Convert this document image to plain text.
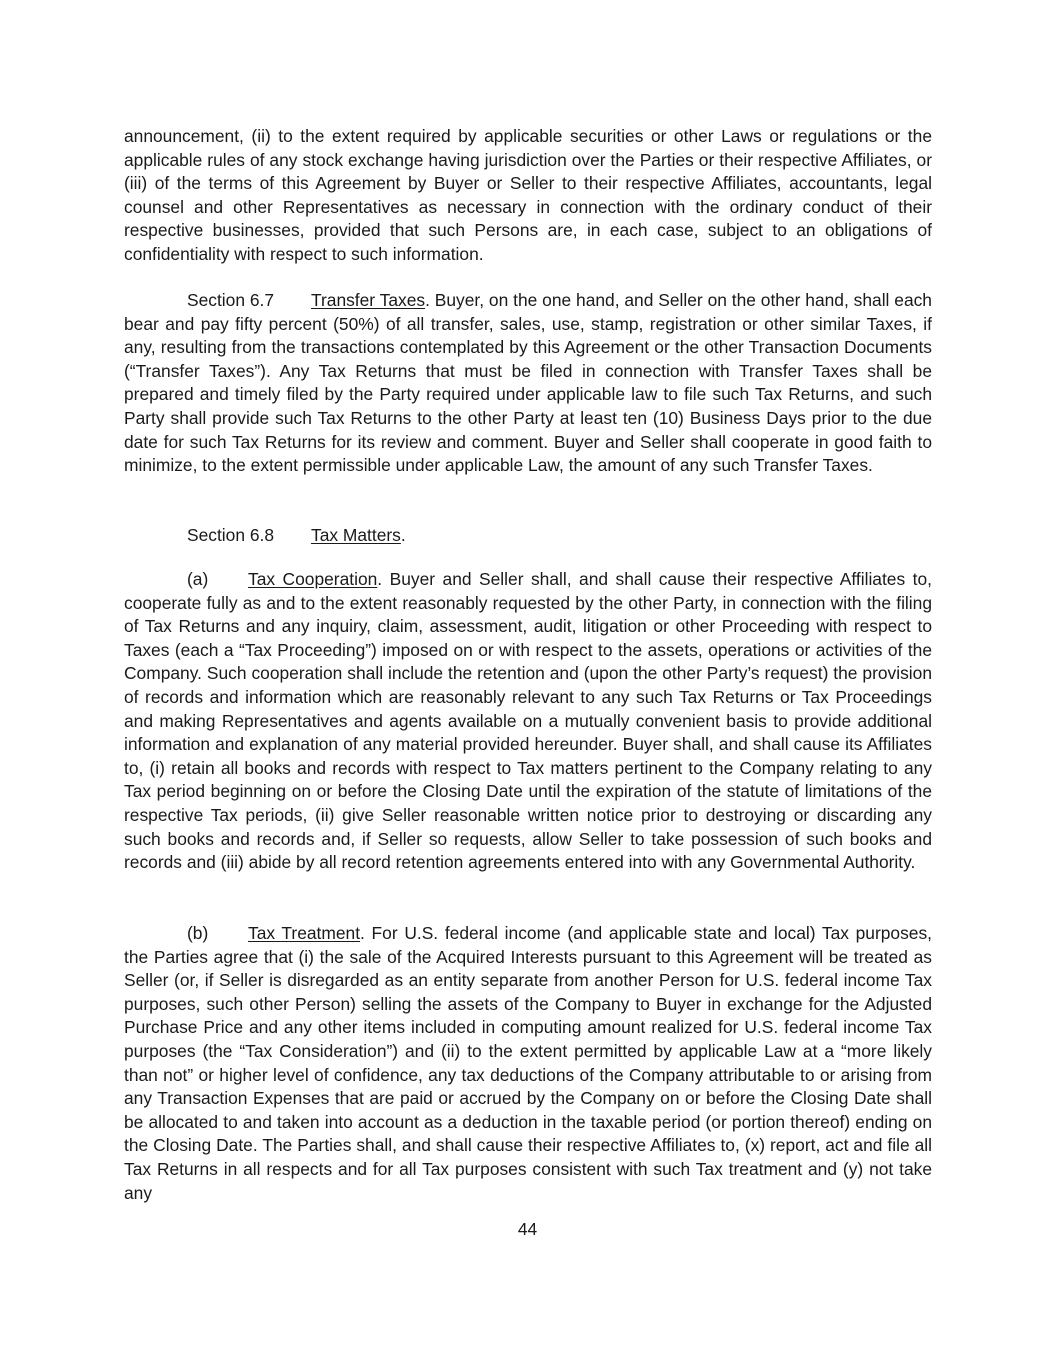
announcement, (ii) to the extent required by applicable securities or other Laws or regulations or the applicable rules of any stock exchange having jurisdiction over the Parties or their respective Affiliates, or (iii) of the terms of this Agreement by Buyer or Seller to their respective Affiliates, accountants, legal counsel and other Representatives as necessary in connection with the ordinary conduct of their respective businesses, provided that such Persons are, in each case, subject to an obligations of confidentiality with respect to such information.

Section 6.7 Transfer Taxes. Buyer, on the one hand, and Seller on the other hand, shall each bear and pay fifty percent (50%) of all transfer, sales, use, stamp, registration or other similar Taxes, if any, resulting from the transactions contemplated by this Agreement or the other Transaction Documents (“Transfer Taxes”). Any Tax Returns that must be filed in connection with Transfer Taxes shall be prepared and timely filed by the Party required under applicable law to file such Tax Returns, and such Party shall provide such Tax Returns to the other Party at least ten (10) Business Days prior to the due date for such Tax Returns for its review and comment. Buyer and Seller shall cooperate in good faith to minimize, to the extent permissible under applicable Law, the amount of any such Transfer Taxes.

Section 6.8 Tax Matters.

(a) Tax Cooperation. Buyer and Seller shall, and shall cause their respective Affiliates to, cooperate fully as and to the extent reasonably requested by the other Party, in connection with the filing of Tax Returns and any inquiry, claim, assessment, audit, litigation or other Proceeding with respect to Taxes (each a “Tax Proceeding”) imposed on or with respect to the assets, operations or activities of the Company. Such cooperation shall include the retention and (upon the other Party’s request) the provision of records and information which are reasonably relevant to any such Tax Returns or Tax Proceedings and making Representatives and agents available on a mutually convenient basis to provide additional information and explanation of any material provided hereunder. Buyer shall, and shall cause its Affiliates to, (i) retain all books and records with respect to Tax matters pertinent to the Company relating to any Tax period beginning on or before the Closing Date until the expiration of the statute of limitations of the respective Tax periods, (ii) give Seller reasonable written notice prior to destroying or discarding any such books and records and, if Seller so requests, allow Seller to take possession of such books and records and (iii) abide by all record retention agreements entered into with any Governmental Authority.

(b) Tax Treatment. For U.S. federal income (and applicable state and local) Tax purposes, the Parties agree that (i) the sale of the Acquired Interests pursuant to this Agreement will be treated as Seller (or, if Seller is disregarded as an entity separate from another Person for U.S. federal income Tax purposes, such other Person) selling the assets of the Company to Buyer in exchange for the Adjusted Purchase Price and any other items included in computing amount realized for U.S. federal income Tax purposes (the “Tax Consideration”) and (ii) to the extent permitted by applicable Law at a “more likely than not” or higher level of confidence, any tax deductions of the Company attributable to or arising from any Transaction Expenses that are paid or accrued by the Company on or before the Closing Date shall be allocated to and taken into account as a deduction in the taxable period (or portion thereof) ending on the Closing Date. The Parties shall, and shall cause their respective Affiliates to, (x) report, act and file all Tax Returns in all respects and for all Tax purposes consistent with such Tax treatment and (y) not take any

44
